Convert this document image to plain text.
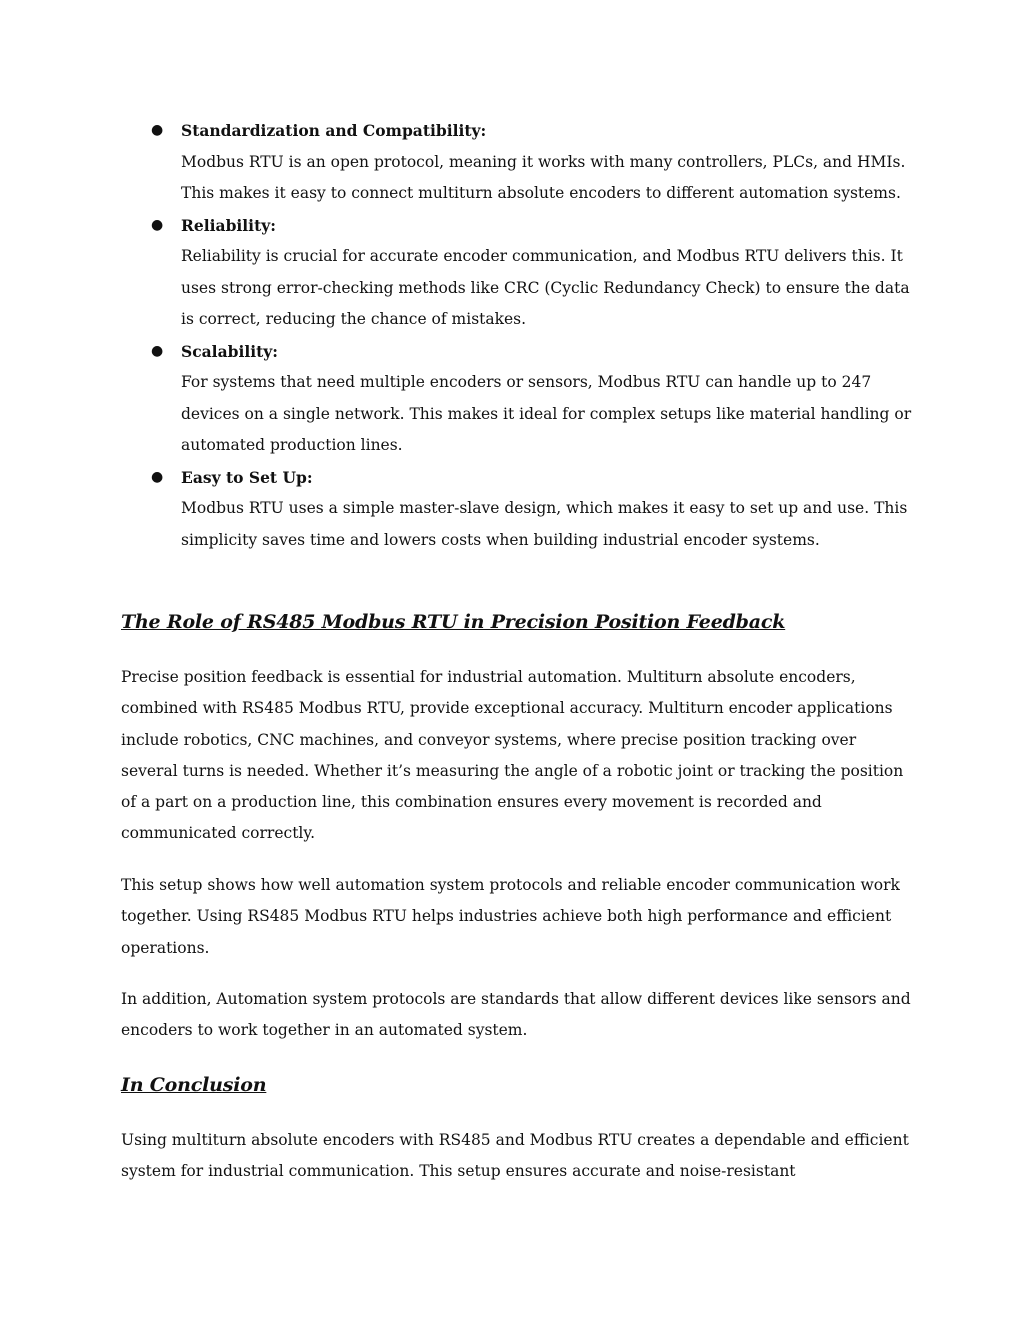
● Standardization and Compatibility:
Modbus RTU is an open protocol, meaning it works with many controllers, PLCs, and HMIs. This makes it easy to connect multiturn absolute encoders to different automation systems.
● Reliability:
Reliability is crucial for accurate encoder communication, and Modbus RTU delivers this. It uses strong error-checking methods like CRC (Cyclic Redundancy Check) to ensure the data is correct, reducing the chance of mistakes.
● Scalability:
For systems that need multiple encoders or sensors, Modbus RTU can handle up to 247 devices on a single network. This makes it ideal for complex setups like material handling or automated production lines.
● Easy to Set Up:
Modbus RTU uses a simple master-slave design, which makes it easy to set up and use. This simplicity saves time and lowers costs when building industrial encoder systems.
The Role of RS485 Modbus RTU in Precision Position Feedback

Precise position feedback is essential for industrial automation. Multiturn absolute encoders, combined with RS485 Modbus RTU, provide exceptional accuracy. Multiturn encoder applications include robotics, CNC machines, and conveyor systems, where precise position tracking over several turns is needed. Whether it’s measuring the angle of a robotic joint or tracking the position of a part on a production line, this combination ensures every movement is recorded and communicated correctly.

This setup shows how well automation system protocols and reliable encoder communication work together. Using RS485 Modbus RTU helps industries achieve both high performance and efficient operations.

In addition, Automation system protocols are standards that allow different devices like sensors and encoders to work together in an automated system.

In Conclusion

Using multiturn absolute encoders with RS485 and Modbus RTU creates a dependable and efficient system for industrial communication. This setup ensures accurate and noise-resistant
